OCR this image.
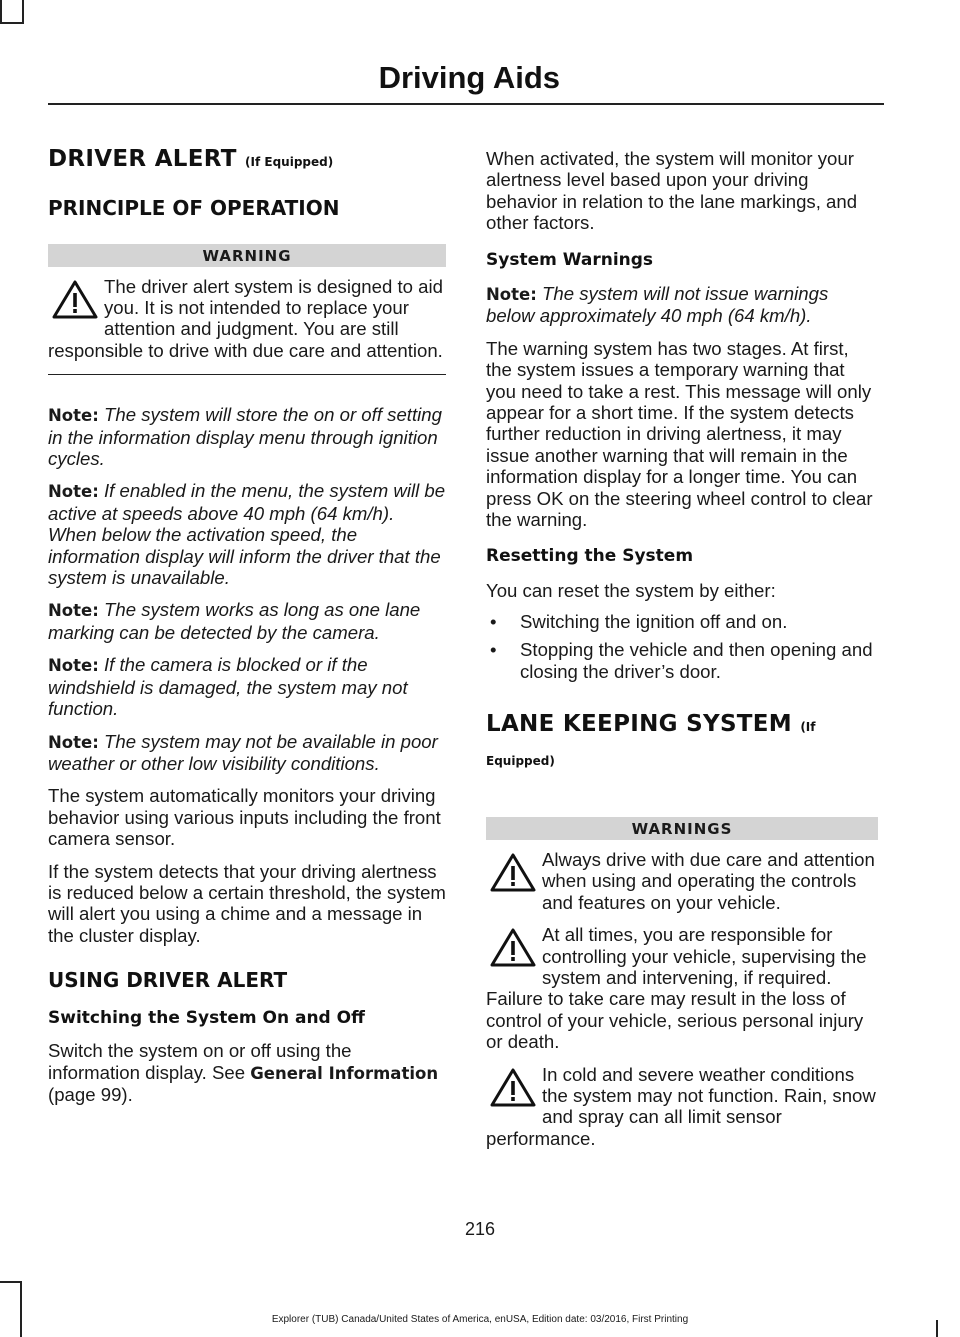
Driving Aids
DRIVER ALERT (If Equipped)
PRINCIPLE OF OPERATION
WARNING
The driver alert system is designed to aid you. It is not intended to replace your attention and judgment. You are still responsible to drive with due care and attention.

Note: The system will store the on or off setting in the information display menu through ignition cycles.

Note: If enabled in the menu, the system will be active at speeds above 40 mph (64 km/h). When below the activation speed, the information display will inform the driver that the system is unavailable.

Note: The system works as long as one lane marking can be detected by the camera.

Note: If the camera is blocked or if the windshield is damaged, the system may not function.

Note: The system may not be available in poor weather or other low visibility conditions.

The system automatically monitors your driving behavior using various inputs including the front camera sensor.

If the system detects that your driving alertness is reduced below a certain threshold, the system will alert you using a chime and a message in the cluster display.

USING DRIVER ALERT
Switching the System On and Off

Switch the system on or off using the information display. See General Information (page 99).

When activated, the system will monitor your alertness level based upon your driving behavior in relation to the lane markings, and other factors.

System Warnings

Note: The system will not issue warnings below approximately 40 mph (64 km/h).

The warning system has two stages. At first, the system issues a temporary warning that you need to take a rest. This message will only appear for a short time. If the system detects further reduction in driving alertness, it may issue another warning that will remain in the information display for a longer time. You can press OK on the steering wheel control to clear the warning.

Resetting the System

You can reset the system by either:

• Switching the ignition off and on.
• Stopping the vehicle and then opening and closing the driver’s door.
LANE KEEPING SYSTEM (If Equipped)
WARNINGS
Always drive with due care and attention when using and operating the controls and features on your vehicle.
At all times, you are responsible for controlling your vehicle, supervising the system and intervening, if required. Failure to take care may result in the loss of control of your vehicle, serious personal injury or death.
In cold and severe weather conditions the system may not function. Rain, snow and spray can all limit sensor performance.
216
Explorer (TUB) Canada/United States of America, enUSA, Edition date: 03/2016, First Printing
